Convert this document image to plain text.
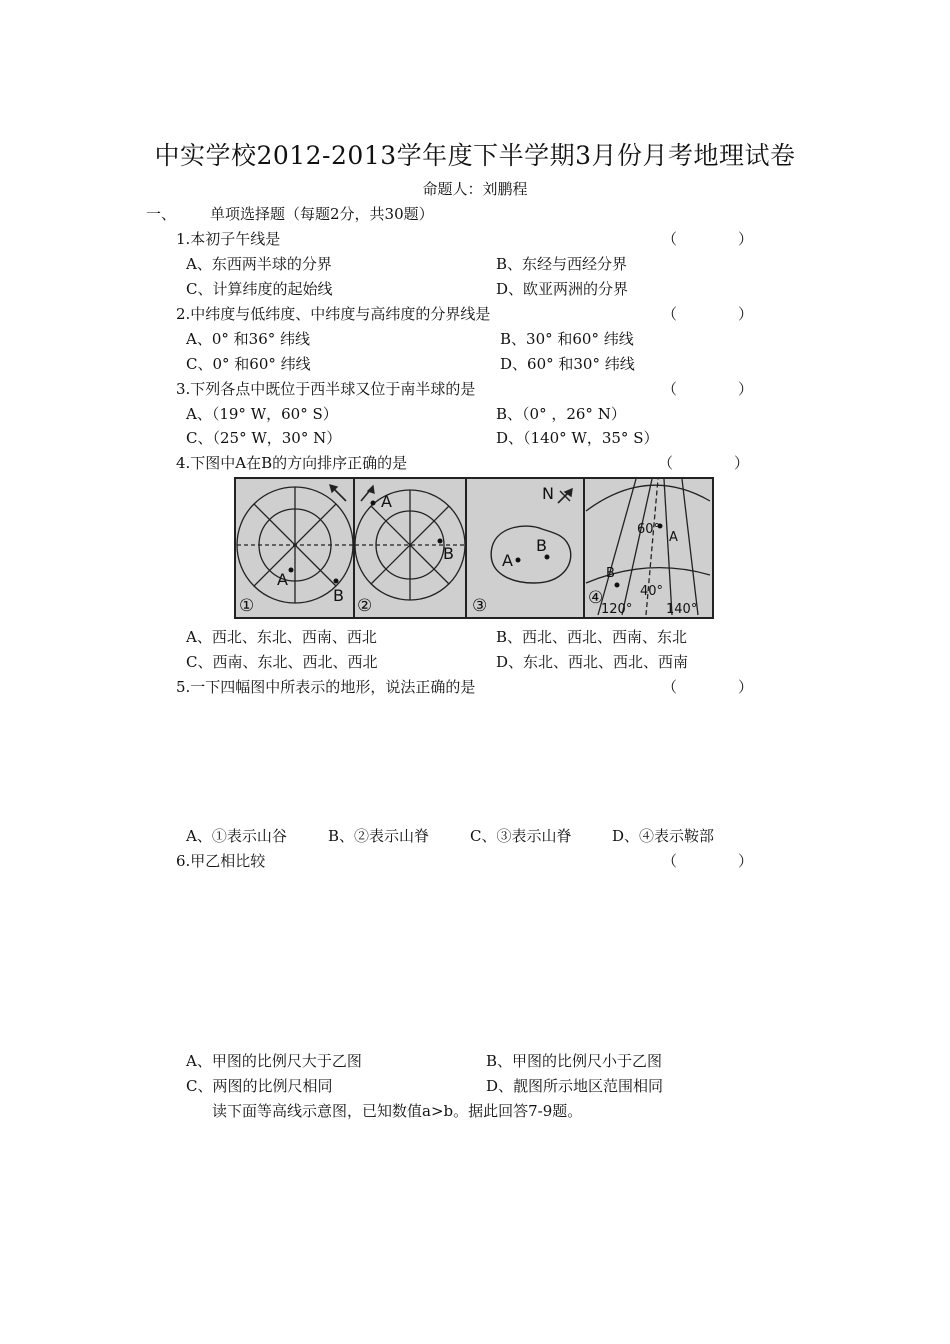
中实学校2012-2013学年度下半学期3月份月考地理试卷
命题人：刘鹏程
一、 单项选择题（每题2分，共30题）
1.本初子午线是	（	）
A、东西两半球的分界	B、东经与西经分界
C、计算纬度的起始线	D、欧亚两洲的分界
2.中纬度与低纬度、中纬度与高纬度的分界线是	（	）
A、0° 和36° 纬线	B、30° 和60° 纬线
C、0° 和60° 纬线	D、60° 和30° 纬线
3.下列各点中既位于西半球又位于南半球的是	（	）
A、（19° W，60° S）	B、（0° ，26° N）
C、（25° W，30° N）	D、（140° W，35° S）
4.下图中A在B的方向排序正确的是	（	）
A
B
①
A
B
②
A
B
N
③
60°
A
B
40°
120°	140°
④
A、西北、东北、西南、西北	B、西北、西北、西南、东北
C、西南、东北、西北、西北	D、东北、西北、西北、西南
5.一下四幅图中所表示的地形，说法正确的是	（	）
A、①表示山谷	B、②表示山脊	C、③表示山脊	D、④表示鞍部
6.甲乙相比较	（	）
A、甲图的比例尺大于乙图	B、甲图的比例尺小于乙图
C、两图的比例尺相同	D、靓图所示地区范围相同
读下面等高线示意图，已知数值a>b。据此回答7-9题。
